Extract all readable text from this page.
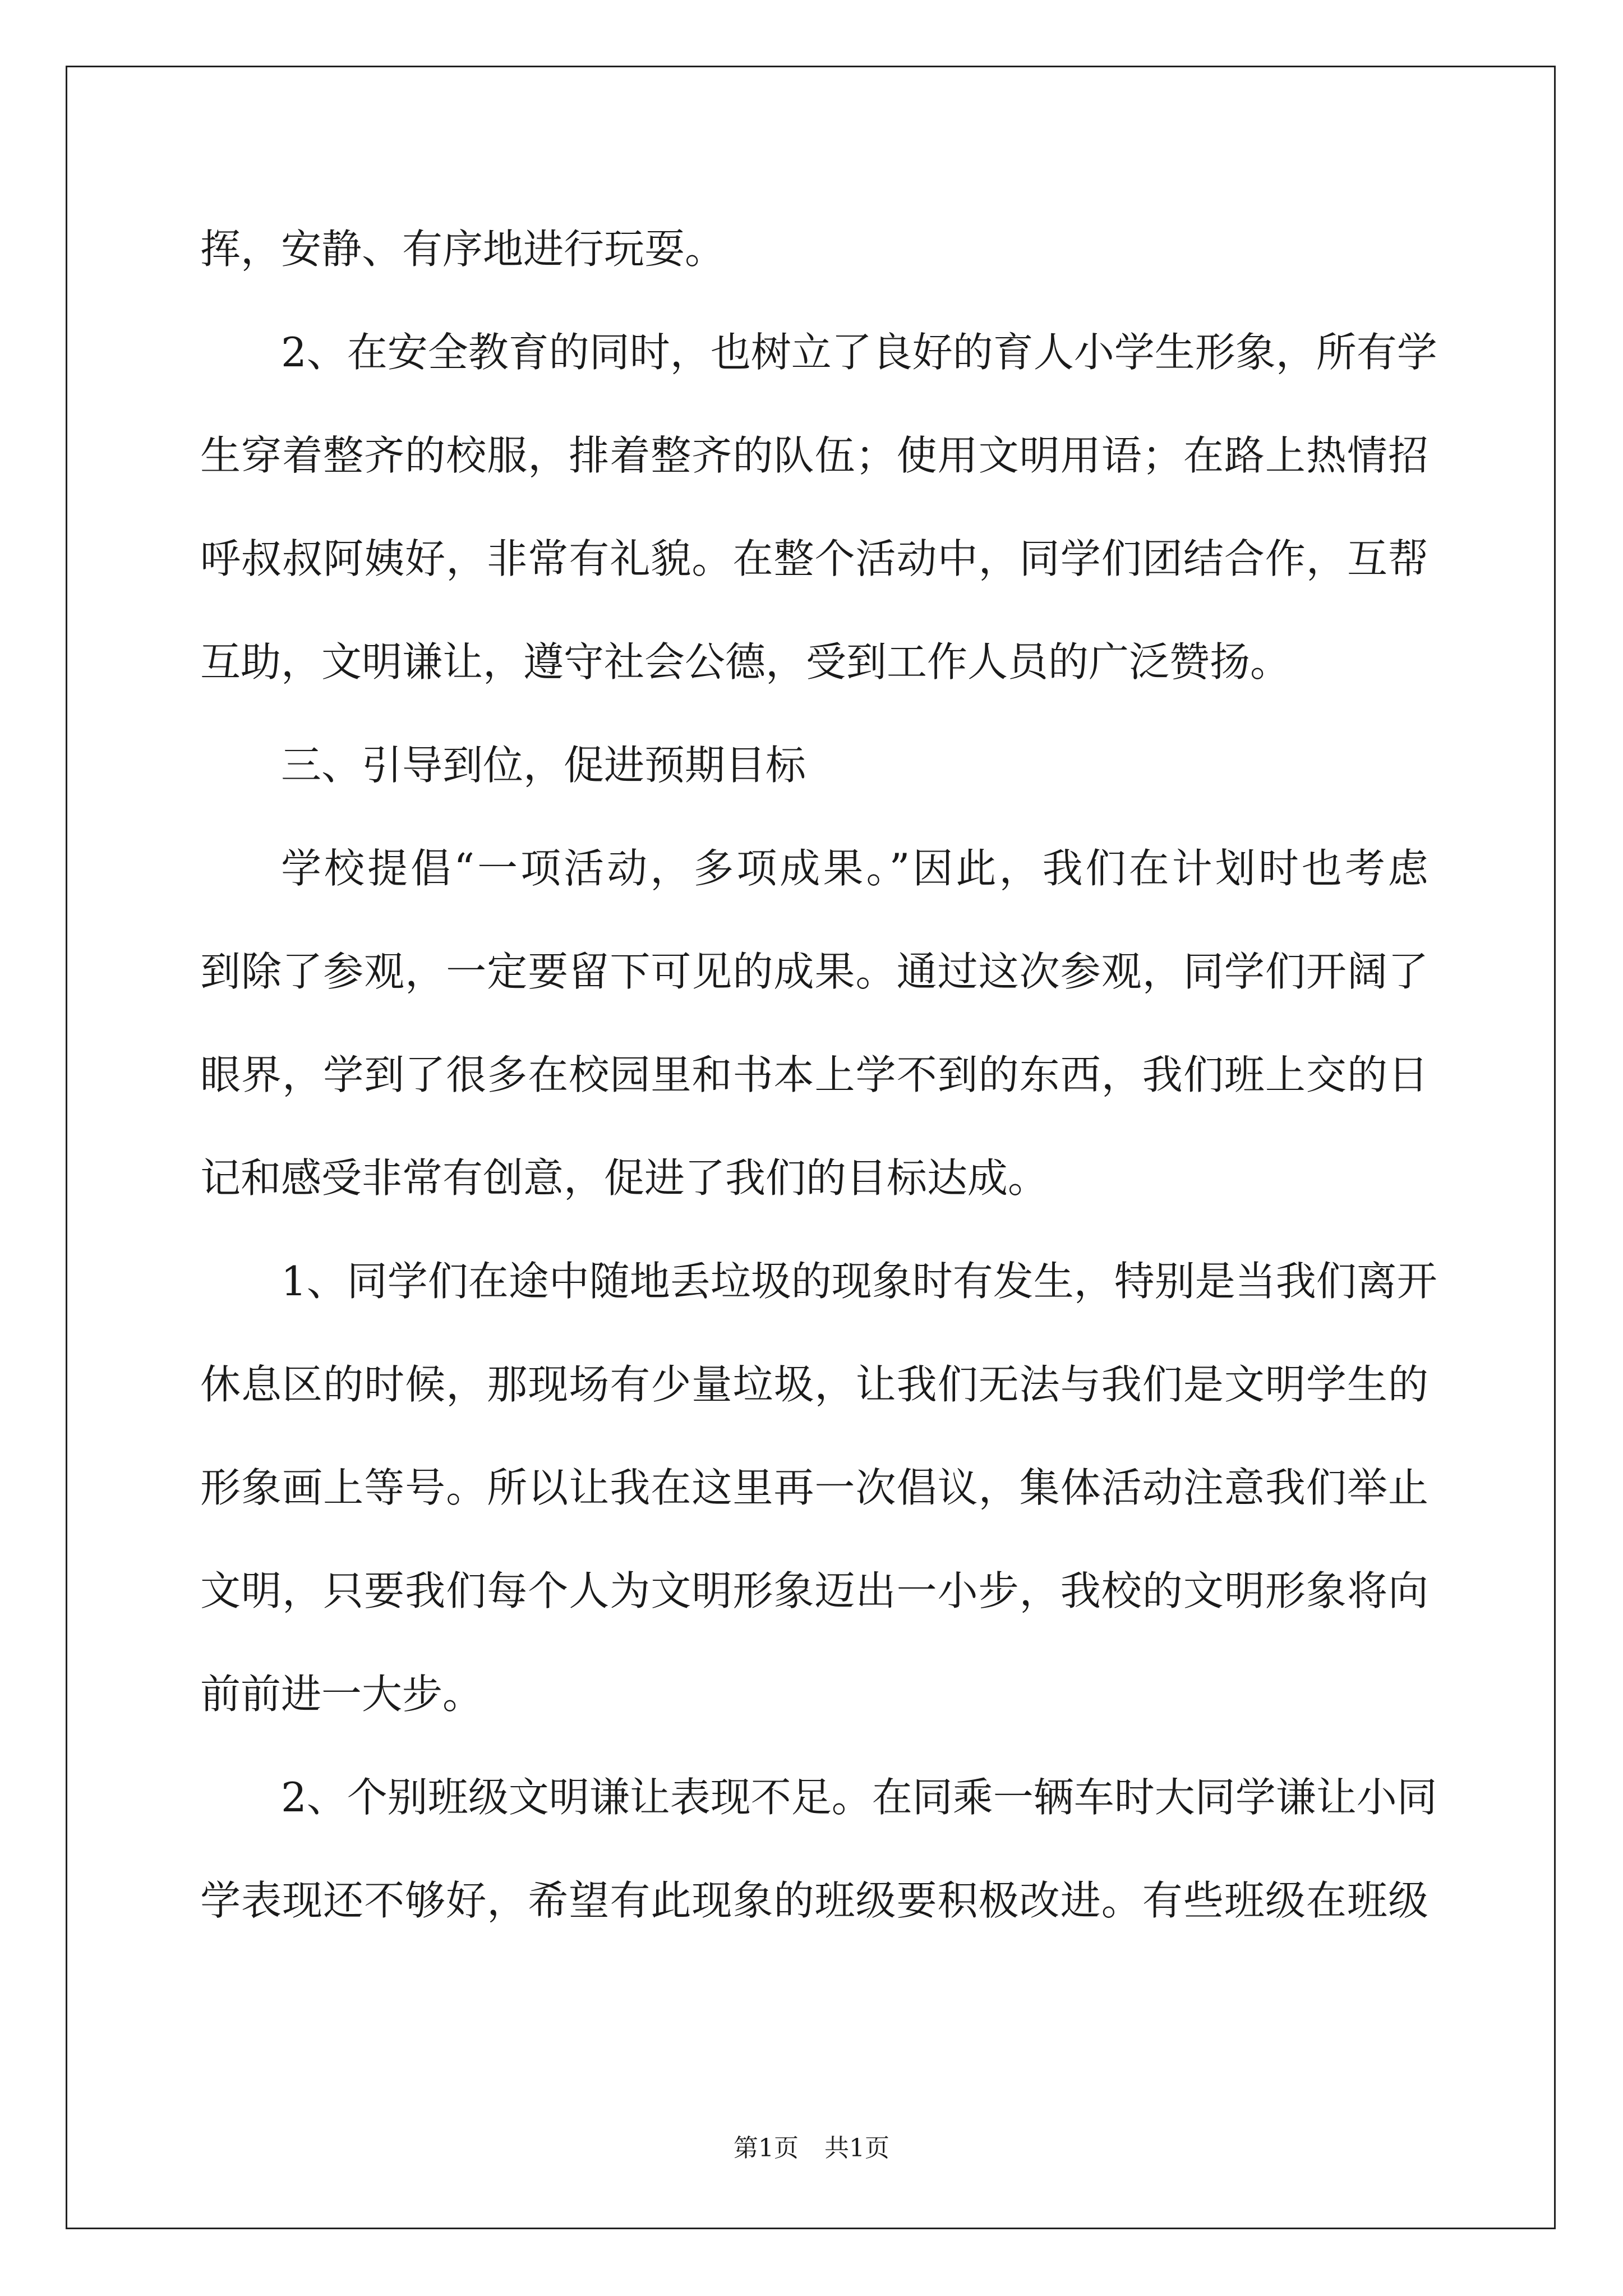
挥，安静、有序地进行玩耍。
2、在安全教育的同时，也树立了良好的育人小学生形象，所有学
生穿着整齐的校服，排着整齐的队伍；使用文明用语；在路上热情招
呼叔叔阿姨好，非常有礼貌。在整个活动中，同学们团结合作，互帮
互助，文明谦让，遵守社会公德，受到工作人员的广泛赞扬。
三、引导到位，促进预期目标
学校提倡“一项活动，多项成果。”因此，我们在计划时也考虑
到除了参观，一定要留下可见的成果。通过这次参观，同学们开阔了
眼界，学到了很多在校园里和书本上学不到的东西，我们班上交的日
记和感受非常有创意，促进了我们的目标达成。
1、同学们在途中随地丢垃圾的现象时有发生，特别是当我们离开
休息区的时候，那现场有少量垃圾，让我们无法与我们是文明学生的
形象画上等号。所以让我在这里再一次倡议，集体活动注意我们举止
文明，只要我们每个人为文明形象迈出一小步，我校的文明形象将向
前前进一大步。
2、个别班级文明谦让表现不足。在同乘一辆车时大同学谦让小同
学表现还不够好，希望有此现象的班级要积极改进。有些班级在班级
第1页 共1页
